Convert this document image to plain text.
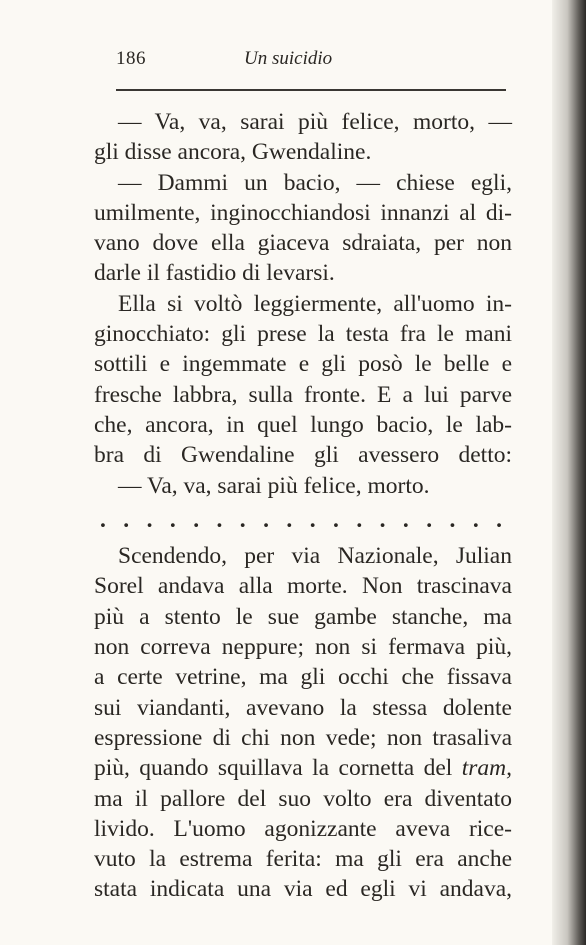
186	Un suicidio
— Va, va, sarai più felice, morto, —
gli disse ancora, Gwendaline.
— Dammi un bacio, — chiese egli,
umilmente, inginocchiandosi innanzi al di-
vano dove ella giaceva sdraiata, per non
darle il fastidio di levarsi.
Ella si voltò leggiermente, all'uomo in-
ginocchiato: gli prese la testa fra le mani
sottili e ingemmate e gli posò le belle e
fresche labbra, sulla fronte. E a lui parve
che, ancora, in quel lungo bacio, le lab-
bra di Gwendaline gli avessero detto:
— Va, va, sarai più felice, morto.
. . . . . . . . . . . . . . . . . .
Scendendo, per via Nazionale, Julian
Sorel andava alla morte. Non trascinava
più a stento le sue gambe stanche, ma
non correva neppure; non si fermava più,
a certe vetrine, ma gli occhi che fissava
sui viandanti, avevano la stessa dolente
espressione di chi non vede; non trasaliva
più, quando squillava la cornetta del tram,
ma il pallore del suo volto era diventato
livido. L'uomo agonizzante aveva rice-
vuto la estrema ferita: ma gli era anche
stata indicata una via ed egli vi andava,
